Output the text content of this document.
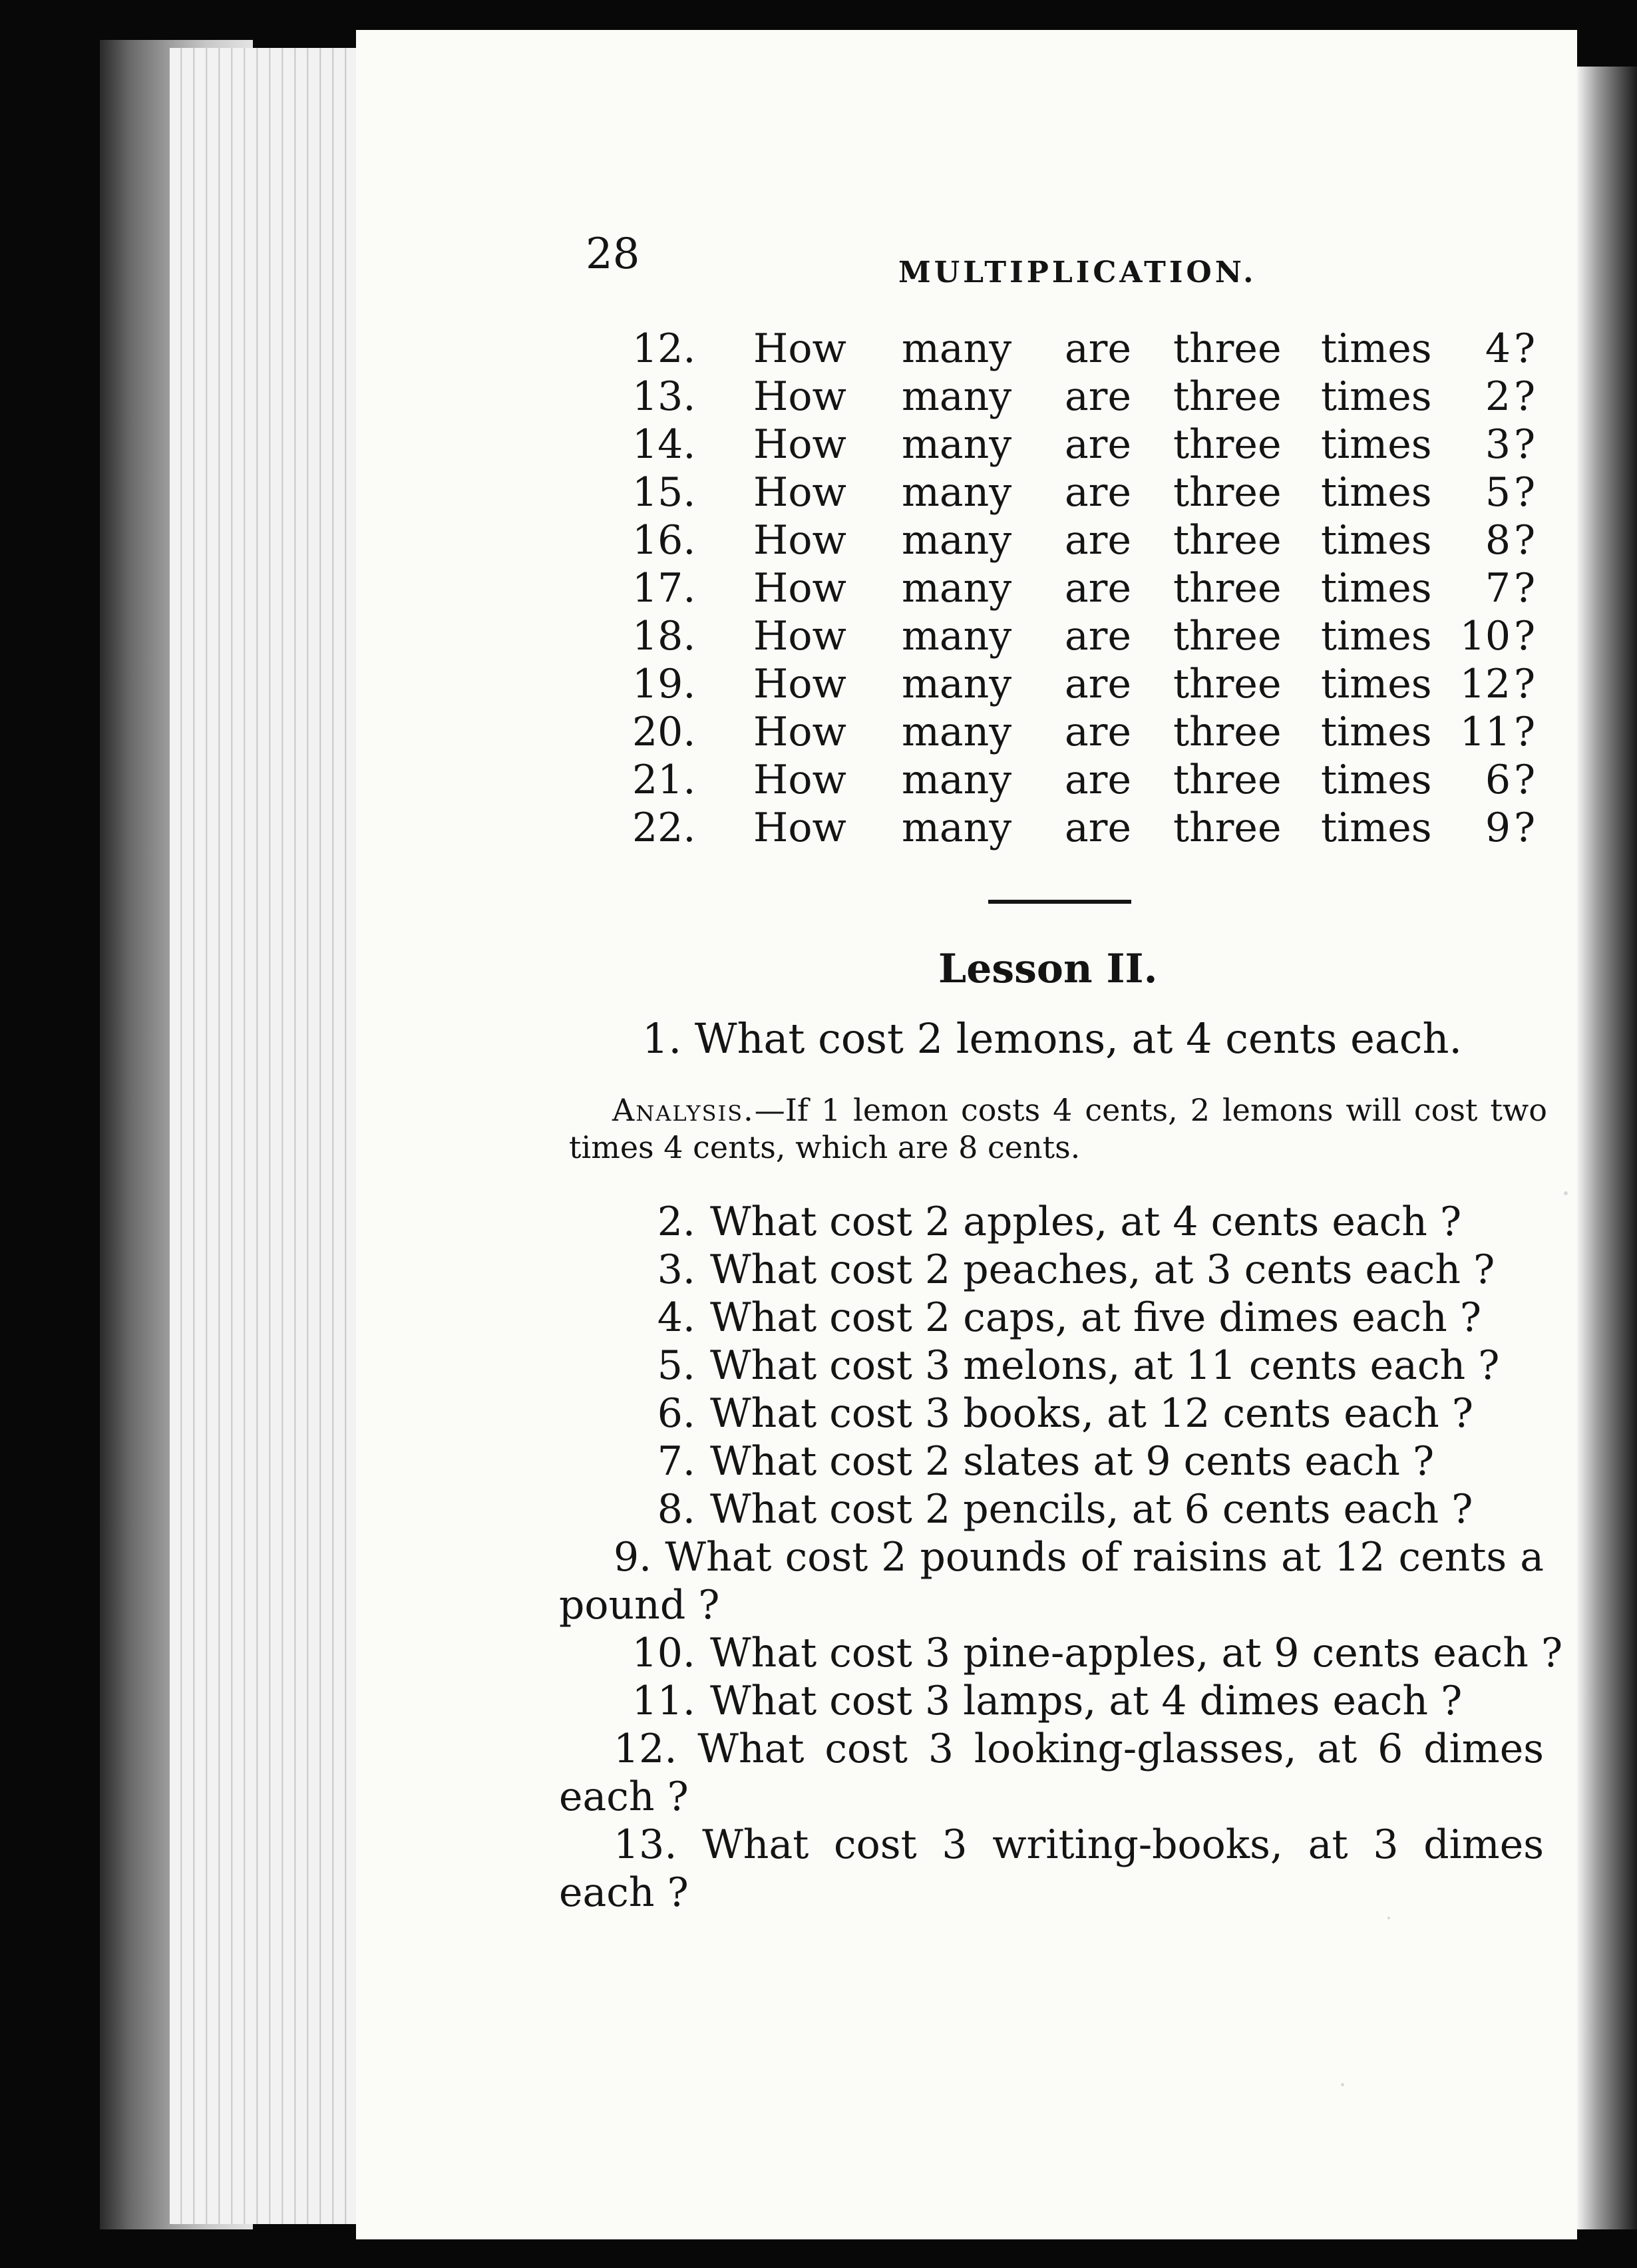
28	MULTIPLICATION.

12. How many are three times	4 ?
13. How many are three times	2 ?
14. How many are three times	3 ?
15. How many are three times	5 ?
16. How many are three times	8 ?
17. How many are three times	7 ?
18. How many are three times 10 ?
19. How many are three times 12 ?
20. How many are three times 11 ?
21. How many are three times	6 ?
22. How many are three times	9 ?
Lesson II.

1. What cost 2 lemons, at 4 cents each.

Analysis.—If 1 lemon costs 4 cents, 2 lemons will cost two times 4 cents, which are 8 cents.

2. What cost 2 apples, at 4 cents each ?
3. What cost 2 peaches, at 3 cents each ?
4. What cost 2 caps, at five dimes each ?
5. What cost 3 melons, at 11 cents each ?
6. What cost 3 books, at 12 cents each ?
7. What cost 2 slates at 9 cents each ?
8. What cost 2 pencils, at 6 cents each ?
9. What cost 2 pounds of raisins at 12 cents a pound ?
10. What cost 3 pine-apples, at 9 cents each ?
11. What cost 3 lamps, at 4 dimes each ?
12. What cost 3 looking-glasses, at 6 dimes each ?
13. What cost 3 writing-books, at 3 dimes each ?
